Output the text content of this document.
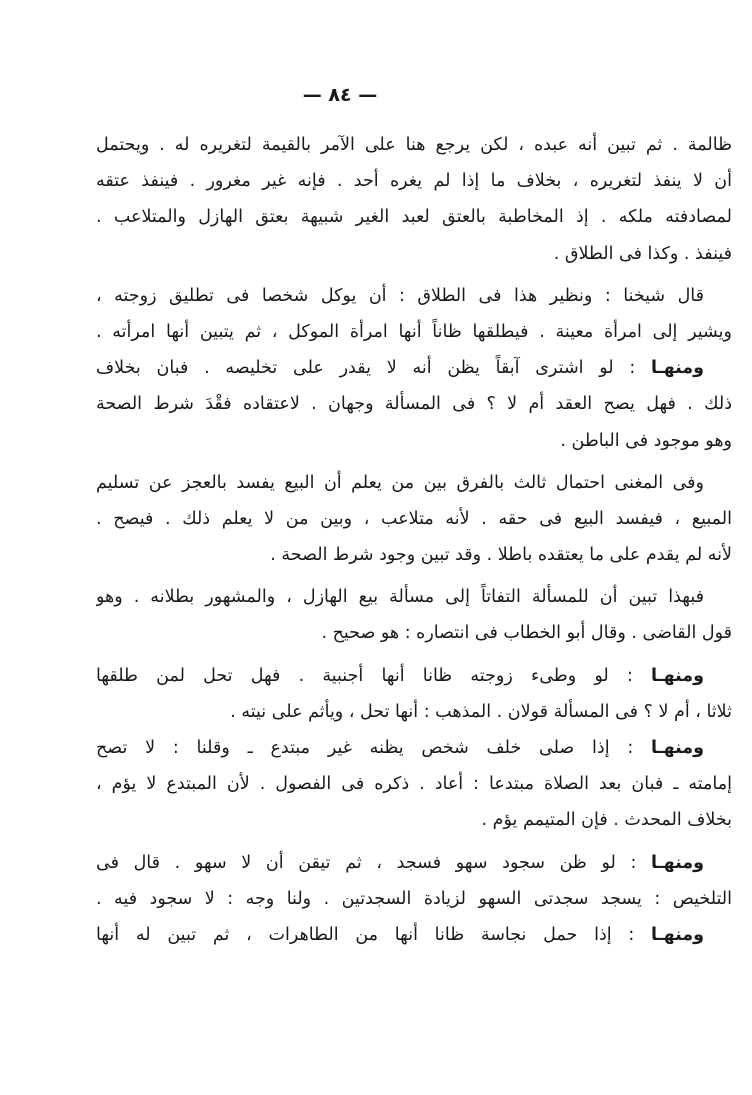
— ٨٤ —
ظالمة . ثم تبين أنه عبده ، لكن يرجع هنا على الآمر بالقيمة لتغريره له . ويحتمل
أن لا ينفذ لتغريره ، بخلاف ما إذا لم يغره أحد . فإنه غير مغرور . فينفذ عتقه
لمصادفته ملكه . إذ المخاطبة بالعتق لعبد الغير شبيهة بعتق الهازل والمتلاعب .
فينفذ . وكذا فى الطلاق .
قال شيخنا : ونظير هذا فى الطلاق : أن يوكل شخصا فى تطليق زوجته ،
ويشير إلى امرأة معينة . فيطلقها ظاناً أنها امرأة الموكل ، ثم يتبين أنها امرأته .
ومنهـا : لو اشترى آبقاً يظن أنه لا يقدر على تخليصه . فبان بخلاف
ذلك . فهل يصح العقد أم لا ؟ فى المسألة وجهان . لاعتقاده فقْدَ شرط الصحة
وهو موجود فى الباطن .
وفى المغنى احتمال ثالث بالفرق بين من يعلم أن البيع يفسد بالعجز عن تسليم
المبيع ، فيفسد البيع فى حقه . لأنه متلاعب ، وبين من لا يعلم ذلك . فيصح .
لأنه لم يقدم على ما يعتقده باطلا . وقد تبين وجود شرط الصحة .
فبهذا تبين أن للمسألة التفاتاً إلى مسألة بيع الهازل ، والمشهور بطلانه . وهو
قول القاضى . وقال أبو الخطاب فى انتصاره : هو صحيح .
ومنهـا : لو وطىء زوجته ظانا أنها أجنبية . فهل تحل لمن طلقها
ثلاثا ، أم لا ؟ فى المسألة قولان . المذهب : أنها تحل ، ويأثم على نيته .
ومنهـا : إذا صلى خلف شخص يظنه غير مبتدع ـ وقلنا : لا تصح
إمامته ـ فبان بعد الصلاة مبتدعا : أعاد . ذكره فى الفصول . لأن المبتدع لا يؤم ،
بخلاف المحدث . فإن المتيمم يؤم .
ومنهـا : لو ظن سجود سهو فسجد ، ثم تيقن أن لا سهو . قال فى
التلخيص : يسجد سجدتى السهو لزيادة السجدتين . ولنا وجه : لا سجود فيه .
ومنهـا : إذا حمل نجاسة ظانا أنها من الطاهرات ، ثم تبين له أنها
